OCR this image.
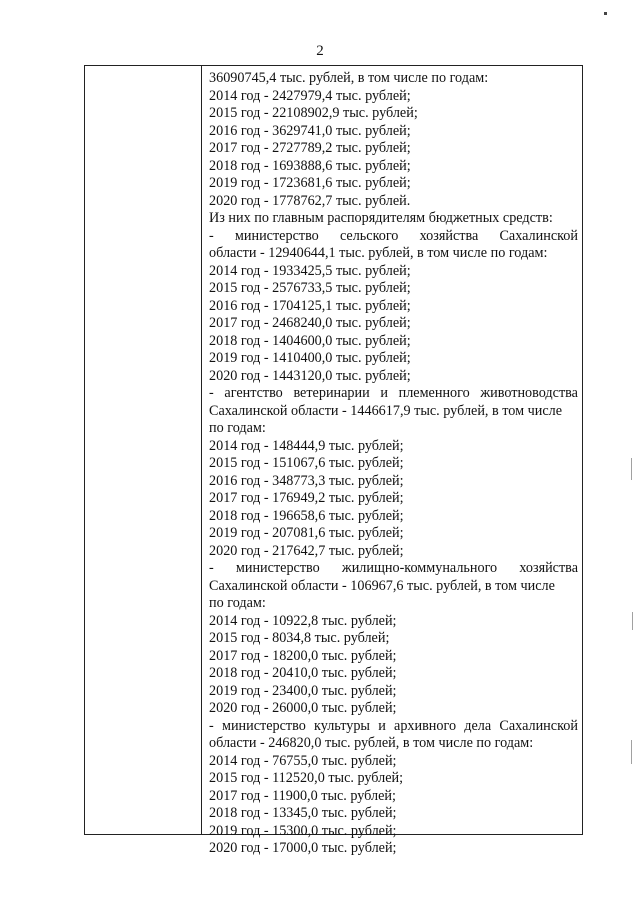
2
36090745,4 тыс. рублей, в том числе по годам:
2014 год - 2427979,4 тыс. рублей;
2015 год - 22108902,9 тыс. рублей;
2016 год - 3629741,0 тыс. рублей;
2017 год - 2727789,2 тыс. рублей;
2018 год - 1693888,6 тыс. рублей;
2019 год - 1723681,6 тыс. рублей;
2020 год - 1778762,7 тыс. рублей.
Из них по главным распорядителям бюджетных средств:
- министерство сельского хозяйства Сахалинской
области - 12940644,1 тыс. рублей, в том числе по годам:
2014 год - 1933425,5 тыс. рублей;
2015 год - 2576733,5 тыс. рублей;
2016 год - 1704125,1 тыс. рублей;
2017 год - 2468240,0 тыс. рублей;
2018 год - 1404600,0 тыс. рублей;
2019 год - 1410400,0 тыс. рублей;
2020 год - 1443120,0 тыс. рублей;
- агентство ветеринарии и племенного животноводства
Сахалинской области - 1446617,9 тыс. рублей, в том числе
по годам:
2014 год - 148444,9 тыс. рублей;
2015 год - 151067,6 тыс. рублей;
2016 год - 348773,3 тыс. рублей;
2017 год - 176949,2 тыс. рублей;
2018 год - 196658,6 тыс. рублей;
2019 год - 207081,6 тыс. рублей;
2020 год - 217642,7 тыс. рублей;
- министерство жилищно-коммунального хозяйства
Сахалинской области - 106967,6 тыс. рублей, в том числе
по годам:
2014 год - 10922,8 тыс. рублей;
2015 год - 8034,8 тыс. рублей;
2017 год - 18200,0 тыс. рублей;
2018 год - 20410,0 тыс. рублей;
2019 год - 23400,0 тыс. рублей;
2020 год - 26000,0 тыс. рублей;
- министерство культуры и архивного дела Сахалинской
области - 246820,0 тыс. рублей, в том числе по годам:
2014 год - 76755,0 тыс. рублей;
2015 год - 112520,0 тыс. рублей;
2017 год - 11900,0 тыс. рублей;
2018 год - 13345,0 тыс. рублей;
2019 год - 15300,0 тыс. рублей;
2020 год - 17000,0 тыс. рублей;
